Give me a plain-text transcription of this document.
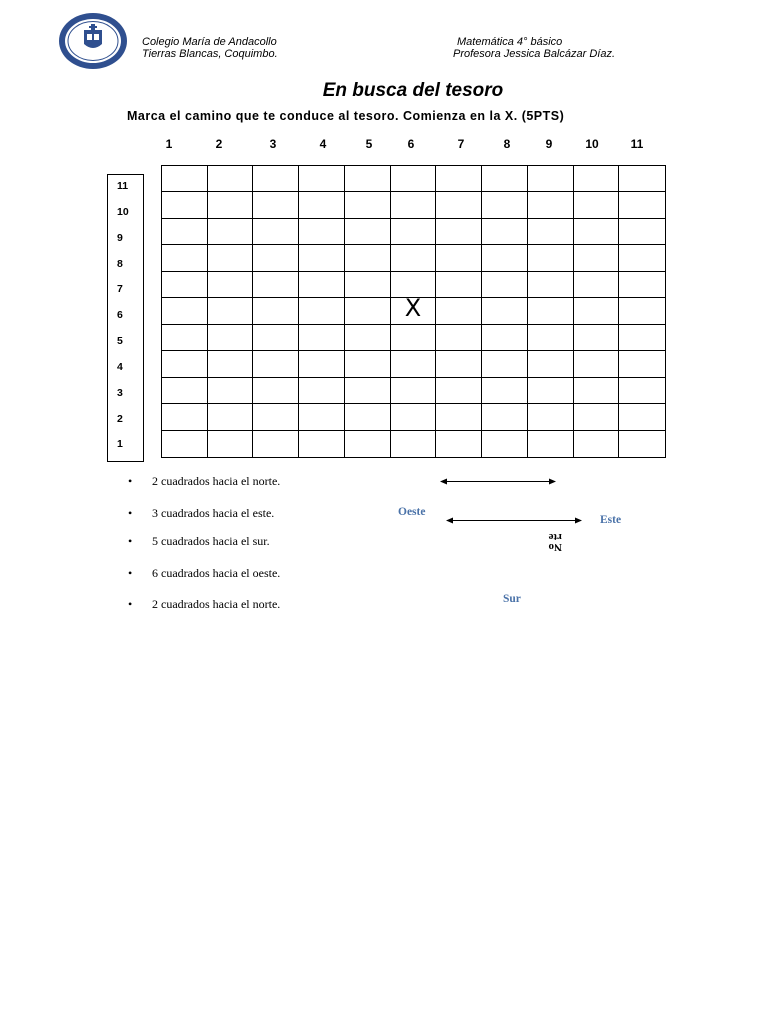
Colegio María de Andacollo
Tierras Blancas, Coquimbo.
Matemática 4° básico
Profesora Jessica Balcázar Díaz.
En busca del tesoro
Marca el camino que te conduce al tesoro. Comienza en la X. (5PTS)
1	2	3	4	5	6	7	8	9	10	11
11
10
9
8
7
6
5
4
3
2
1
X
• 2 cuadrados hacia el norte.
• 3 cuadrados hacia el este.
• 5 cuadrados hacia el sur.
• 6 cuadrados hacia el oeste.
• 2 cuadrados hacia el norte.
Oeste
Este
Sur
No
rte
